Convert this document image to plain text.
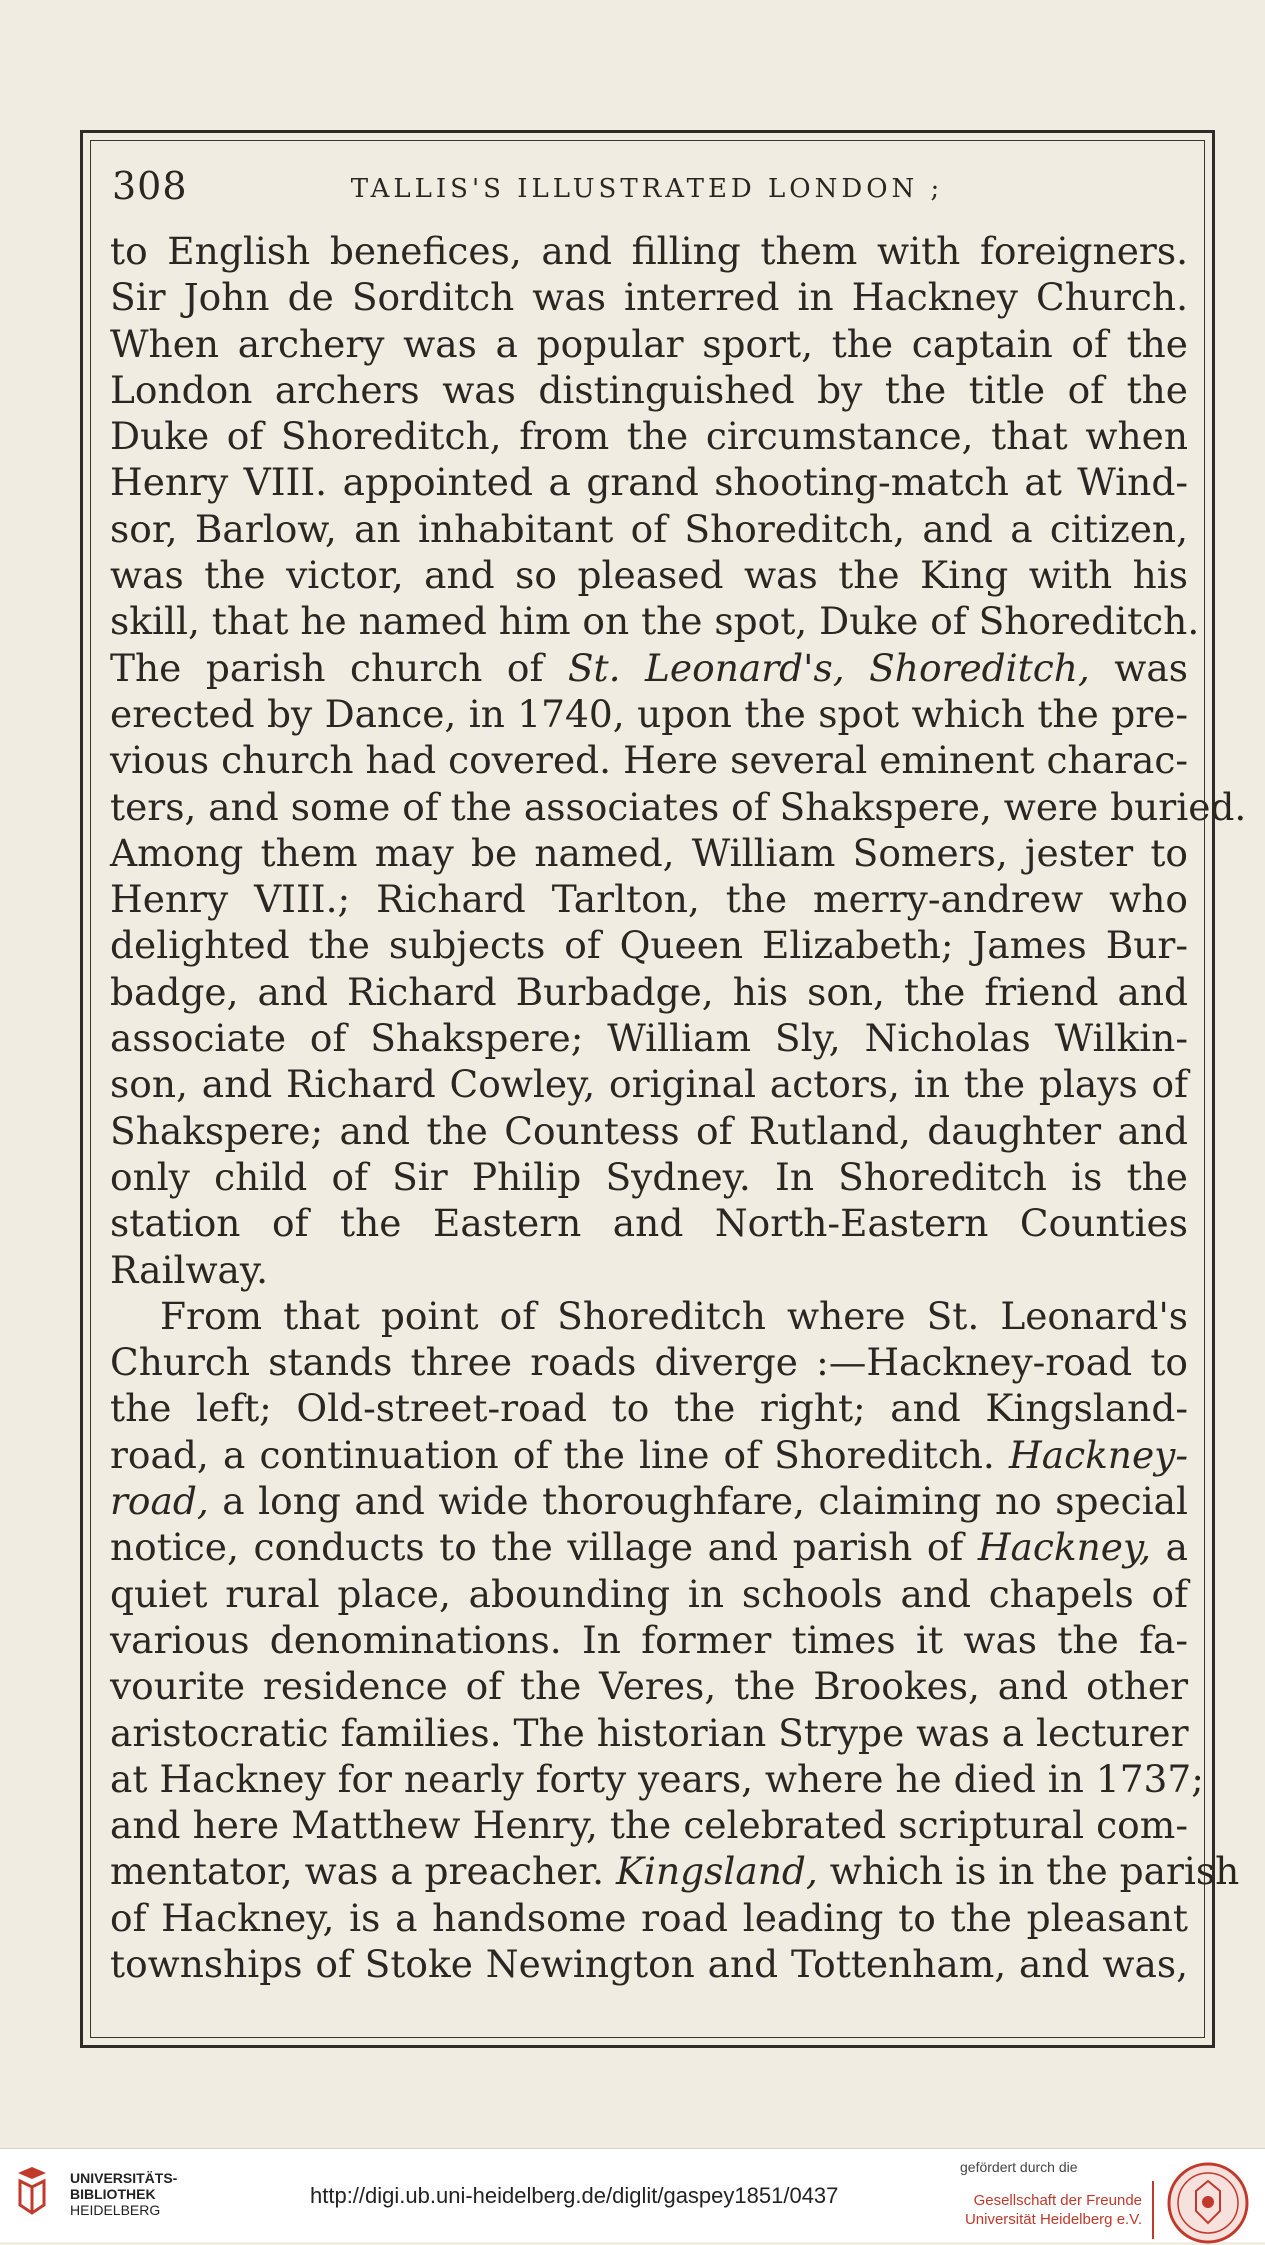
308	TALLIS'S ILLUSTRATED LONDON ;
to English benefices, and filling them with foreigners.
Sir John de Sorditch was interred in Hackney Church.
When archery was a popular sport, the captain of the
London archers was distinguished by the title of the
Duke of Shoreditch, from the circumstance, that when
Henry VIII. appointed a grand shooting-match at Wind-
sor, Barlow, an inhabitant of Shoreditch, and a citizen,
was the victor, and so pleased was the King with his
skill, that he named him on the spot, Duke of Shoreditch.
The parish church of St. Leonard's, Shoreditch, was
erected by Dance, in 1740, upon the spot which the pre-
vious church had covered. Here several eminent charac-
ters, and some of the associates of Shakspere, were buried.
Among them may be named, William Somers, jester to
Henry VIII.; Richard Tarlton, the merry-andrew who
delighted the subjects of Queen Elizabeth; James Bur-
badge, and Richard Burbadge, his son, the friend and
associate of Shakspere; William Sly, Nicholas Wilkin-
son, and Richard Cowley, original actors, in the plays of
Shakspere; and the Countess of Rutland, daughter and
only child of Sir Philip Sydney. In Shoreditch is the
station of the Eastern and North-Eastern Counties
Railway.
From that point of Shoreditch where St. Leonard's
Church stands three roads diverge :—Hackney-road to
the left; Old-street-road to the right; and Kingsland-
road, a continuation of the line of Shoreditch. Hackney-
road, a long and wide thoroughfare, claiming no special
notice, conducts to the village and parish of Hackney, a
quiet rural place, abounding in schools and chapels of
various denominations. In former times it was the fa-
vourite residence of the Veres, the Brookes, and other
aristocratic families. The historian Strype was a lecturer
at Hackney for nearly forty years, where he died in 1737;
and here Matthew Henry, the celebrated scriptural com-
mentator, was a preacher. Kingsland, which is in the parish
of Hackney, is a handsome road leading to the pleasant
townships of Stoke Newington and Tottenham, and was,
UNIVERSITÄTS-
BIBLIOTHEK
HEIDELBERG
http://digi.ub.uni-heidelberg.de/diglit/gaspey1851/0437
gefördert durch die
Gesellschaft der Freunde
Universität Heidelberg e.V.
